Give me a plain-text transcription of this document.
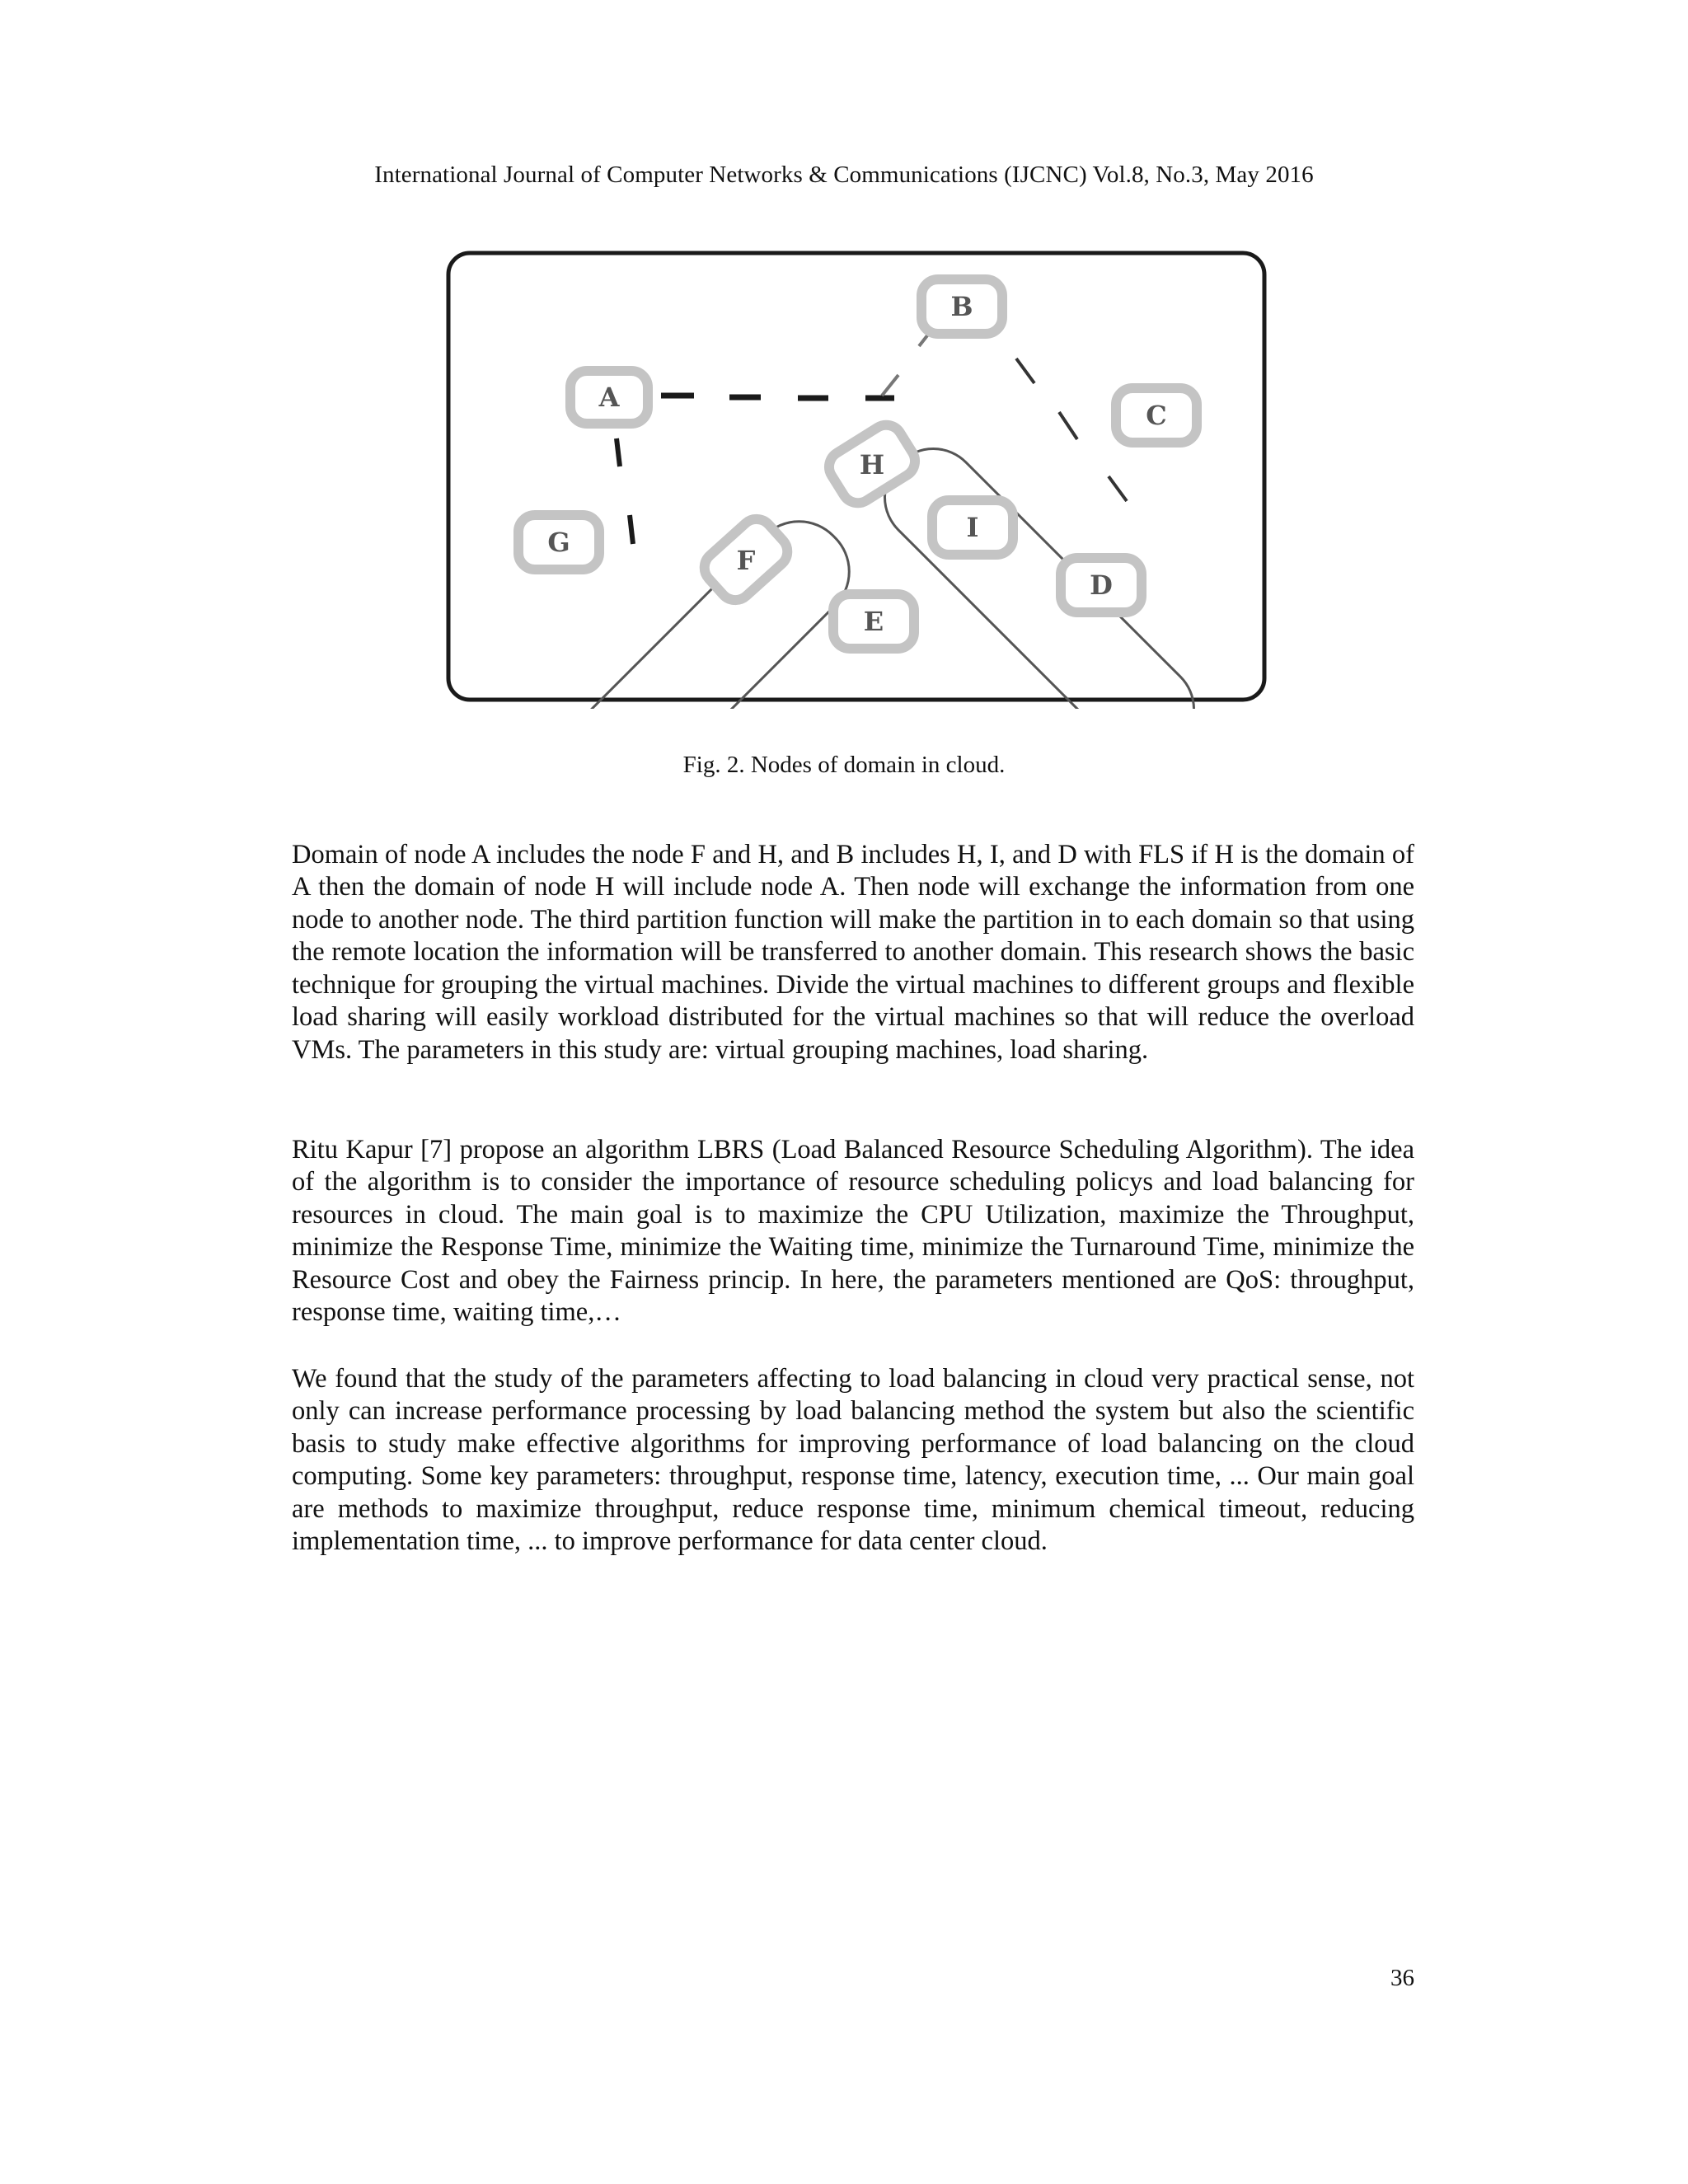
International Journal of Computer Networks & Communications (IJCNC) Vol.8, No.3, May 2016
A
B
C
D
E
F
G
H
I
Fig. 2. Nodes of domain in cloud.

Domain of node A includes the node F and H, and B includes H, I, and D with FLS if H is the domain of A then the domain of node H will include node A. Then node will exchange the information from one node to another node. The third partition function will make the partition in to each domain so that using the remote location the information will be transferred to another domain. This research shows the basic technique for grouping the virtual machines. Divide the virtual machines to different groups and flexible load sharing will easily workload distributed for the virtual machines so that will reduce the overload VMs. The parameters in this study are: virtual grouping machines, load sharing.

Ritu Kapur [7] propose an algorithm LBRS (Load Balanced Resource Scheduling Algorithm). The idea of the algorithm is to consider the importance of resource scheduling policys and load balancing for resources in cloud. The main goal is to maximize the CPU Utilization, maximize the Throughput, minimize the Response Time, minimize the Waiting time, minimize the Turnaround Time, minimize the Resource Cost and obey the Fairness princip. In here, the parameters mentioned are QoS: throughput, response time, waiting time,…

We found that the study of the parameters affecting to load balancing in cloud very practical sense, not only can increase performance processing by load balancing method the system but also the scientific basis to study make effective algorithms for improving performance of load balancing on the cloud computing. Some key parameters: throughput, response time, latency, execution time, ... Our main goal are methods to maximize throughput, reduce response time, minimum chemical timeout, reducing implementation time, ... to improve performance for data center cloud.

36
